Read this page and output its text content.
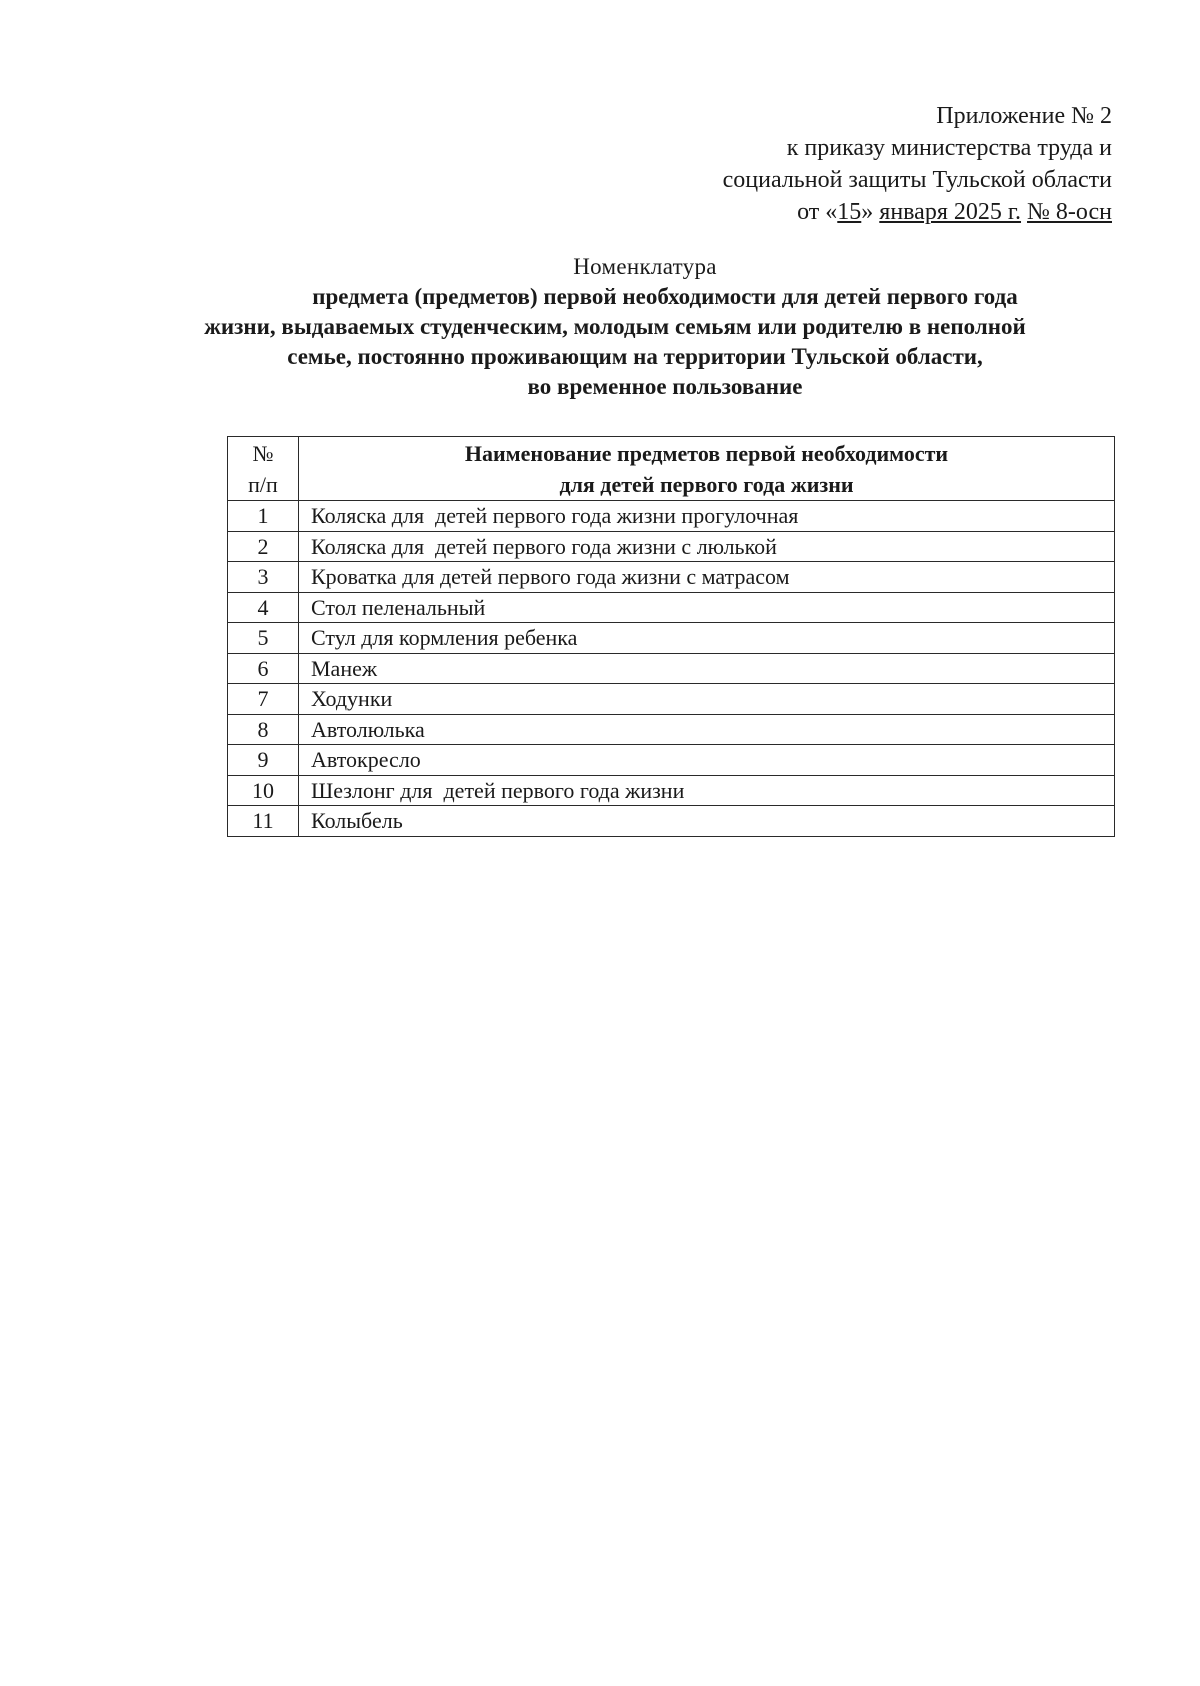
Приложение № 2
к приказу министерства труда и
социальной защиты Тульской области
от «15» января 2025 г. № 8-осн
Номенклатура
предмета (предметов) первой необходимости для детей первого года
жизни, выдаваемых студенческим, молодым семьям или родителю в неполной
семье, постоянно проживающим на территории Тульской области,
во временное пользование
№
п/п	Наименование предметов первой необходимости
для детей первого года жизни

1	Коляска для  детей первого года жизни прогулочная
2	Коляска для  детей первого года жизни с люлькой
3	Кроватка для детей первого года жизни с матрасом
4	Стол пеленальный
5	Стул для кормления ребенка
6	Манеж
7	Ходунки
8	Автолюлька
9	Автокресло
10	Шезлонг для  детей первого года жизни
11	Колыбель
